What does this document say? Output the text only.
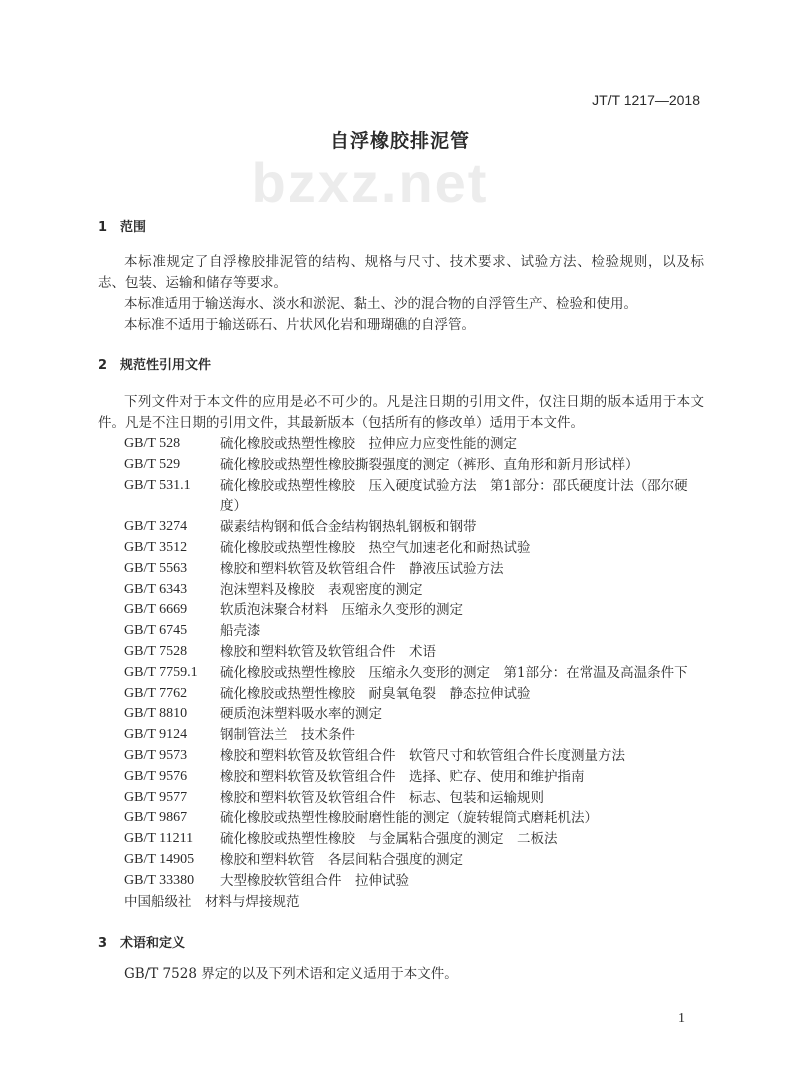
JT/T 1217—2018
自浮橡胶排泥管
bzxz.net
1 范围
本标准规定了自浮橡胶排泥管的结构、规格与尺寸、技术要求、试验方法、检验规则，以及标志、包装、运输和储存等要求。
本标准适用于输送海水、淡水和淤泥、黏土、沙的混合物的自浮管生产、检验和使用。
本标准不适用于输送砾石、片状风化岩和珊瑚礁的自浮管。
2 规范性引用文件
下列文件对于本文件的应用是必不可少的。凡是注日期的引用文件，仅注日期的版本适用于本文件。凡是不注日期的引用文件，其最新版本（包括所有的修改单）适用于本文件。
GB/T 528	硫化橡胶或热塑性橡胶　拉伸应力应变性能的测定
GB/T 529	硫化橡胶或热塑性橡胶撕裂强度的测定（裤形、直角形和新月形试样）
GB/T 531.1	硫化橡胶或热塑性橡胶　压入硬度试验方法　第1部分：邵氏硬度计法（邵尔硬度）
GB/T 3274	碳素结构钢和低合金结构钢热轧钢板和钢带
GB/T 3512	硫化橡胶或热塑性橡胶　热空气加速老化和耐热试验
GB/T 5563	橡胶和塑料软管及软管组合件　静液压试验方法
GB/T 6343	泡沫塑料及橡胶　表观密度的测定
GB/T 6669	软质泡沫聚合材料　压缩永久变形的测定
GB/T 6745	船壳漆
GB/T 7528	橡胶和塑料软管及软管组合件　术语
GB/T 7759.1	硫化橡胶或热塑性橡胶　压缩永久变形的测定　第1部分：在常温及高温条件下
GB/T 7762	硫化橡胶或热塑性橡胶　耐臭氧龟裂　静态拉伸试验
GB/T 8810	硬质泡沫塑料吸水率的测定
GB/T 9124	钢制管法兰　技术条件
GB/T 9573	橡胶和塑料软管及软管组合件　软管尺寸和软管组合件长度测量方法
GB/T 9576	橡胶和塑料软管及软管组合件　选择、贮存、使用和维护指南
GB/T 9577	橡胶和塑料软管及软管组合件　标志、包装和运输规则
GB/T 9867	硫化橡胶或热塑性橡胶耐磨性能的测定（旋转辊筒式磨耗机法）
GB/T 11211	硫化橡胶或热塑性橡胶　与金属粘合强度的测定　二板法
GB/T 14905	橡胶和塑料软管　各层间粘合强度的测定
GB/T 33380	大型橡胶软管组合件　拉伸试验
中国船级社　材料与焊接规范
3 术语和定义
GB/T 7528 界定的以及下列术语和定义适用于本文件。
1
